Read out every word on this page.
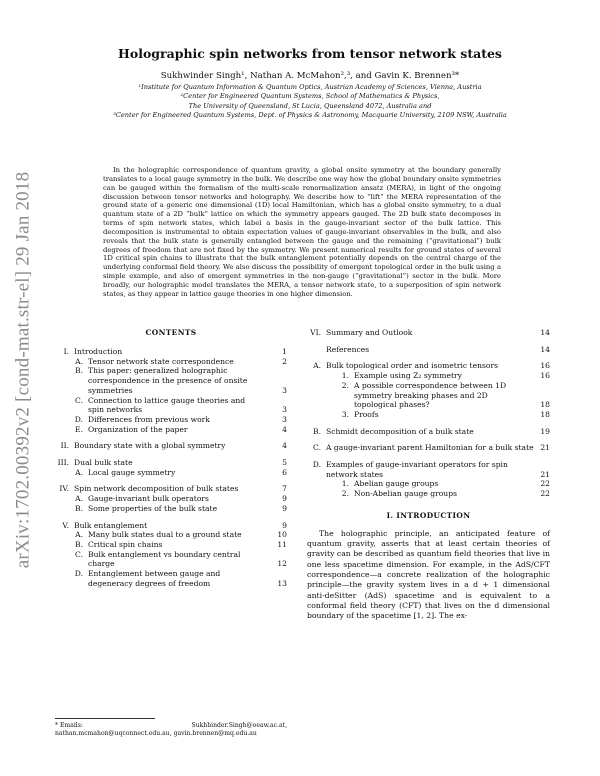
arXiv:1702.00392v2 [cond-mat.str-el] 29 Jan 2018
Holographic spin networks from tensor network states
Sukhwinder Singh¹, Nathan A. McMahon²,³, and Gavin K. Brennen³*
¹Institute for Quantum Information & Quantum Optics, Austrian Academy of Sciences, Vienna, Austria
²Center for Engineered Quantum Systems, School of Mathematics & Physics,
The University of Queensland, St Lucia, Queensland 4072, Australia and
³Center for Engineered Quantum Systems, Dept. of Physics & Astronomy, Macquarie University, 2109 NSW, Australia
In the holographic correspondence of quantum gravity, a global onsite symmetry at the boundary generally translates to a local gauge symmetry in the bulk. We describe one way how the global boundary onsite symmetries can be gauged within the formalism of the multi-scale renormalization ansatz (MERA), in light of the ongoing discussion between tensor networks and holography. We describe how to “lift” the MERA representation of the ground state of a generic one dimensional (1D) local Hamiltonian, which has a global onsite symmetry, to a dual quantum state of a 2D “bulk” lattice on which the symmetry appears gauged. The 2D bulk state decomposes in terms of spin network states, which label a basis in the gauge-invariant sector of the bulk lattice. This decomposition is instrumental to obtain expectation values of gauge-invariant observables in the bulk, and also reveals that the bulk state is generally entangled between the gauge and the remaining (“gravitational”) bulk degrees of freedom that are not fixed by the symmetry. We present numerical results for ground states of several 1D critical spin chains to illustrate that the bulk entanglement potentially depends on the central charge of the underlying conformal field theory. We also discuss the possibility of emergent topological order in the bulk using a simple example, and also of emergent symmetries in the non-gauge (“gravitational”) sector in the bulk. More broadly, our holographic model translates the MERA, a tensor network state, to a superposition of spin network states, as they appear in lattice gauge theories in one higher dimension.
CONTENTS
I. Introduction	1
A. Tensor network state correspondence	2
B. This paper: generalized holographic correspondence in the presence of onsite symmetries	3
C. Connection to lattice gauge theories and spin networks	3
D. Differences from previous work	3
E. Organization of the paper	4
II. Boundary state with a global symmetry	4
III. Dual bulk state	5
A. Local gauge symmetry	6
IV. Spin network decomposition of bulk states	7
A. Gauge-invariant bulk operators	9
B. Some properties of the bulk state	9
V. Bulk entanglement	9
A. Many bulk states dual to a ground state	10
B. Critical spin chains	11
C. Bulk entanglement vs boundary central charge	12
D. Entanglement between gauge and degeneracy degrees of freedom	13
VI. Summary and Outlook	14
References	14
A. Bulk topological order and isometric tensors	16
1. Example using Z₂ symmetry	16
2. A possible correspondence between 1D symmetry breaking phases and 2D topological phases?	18
3. Proofs	18
B. Schmidt decomposition of a bulk state	19
C. A gauge-invariant parent Hamiltonian for a bulk state 21
D. Examples of gauge-invariant operators for spin network states	21
1. Abelian gauge groups	22
2. Non-Abelian gauge groups	22
I. INTRODUCTION
The holographic principle, an anticipated feature of quantum gravity, asserts that at least certain theories of gravity can be described as quantum field theories that live in one less spacetime dimension. For example, in the AdS/CFT correspondence—a concrete realization of the holographic principle—the gravity system lives in a d + 1 dimensional anti-deSitter (AdS) spacetime and is equivalent to a conformal field theory (CFT) that lives on the d dimensional boundary of the spacetime [1, 2]. The ex-
* Emails:	Sukhbinder.Singh@oeaw.ac.at,
nathan.mcmahon@uqconnect.edu.au, gavin.brennen@mq.edu.au
